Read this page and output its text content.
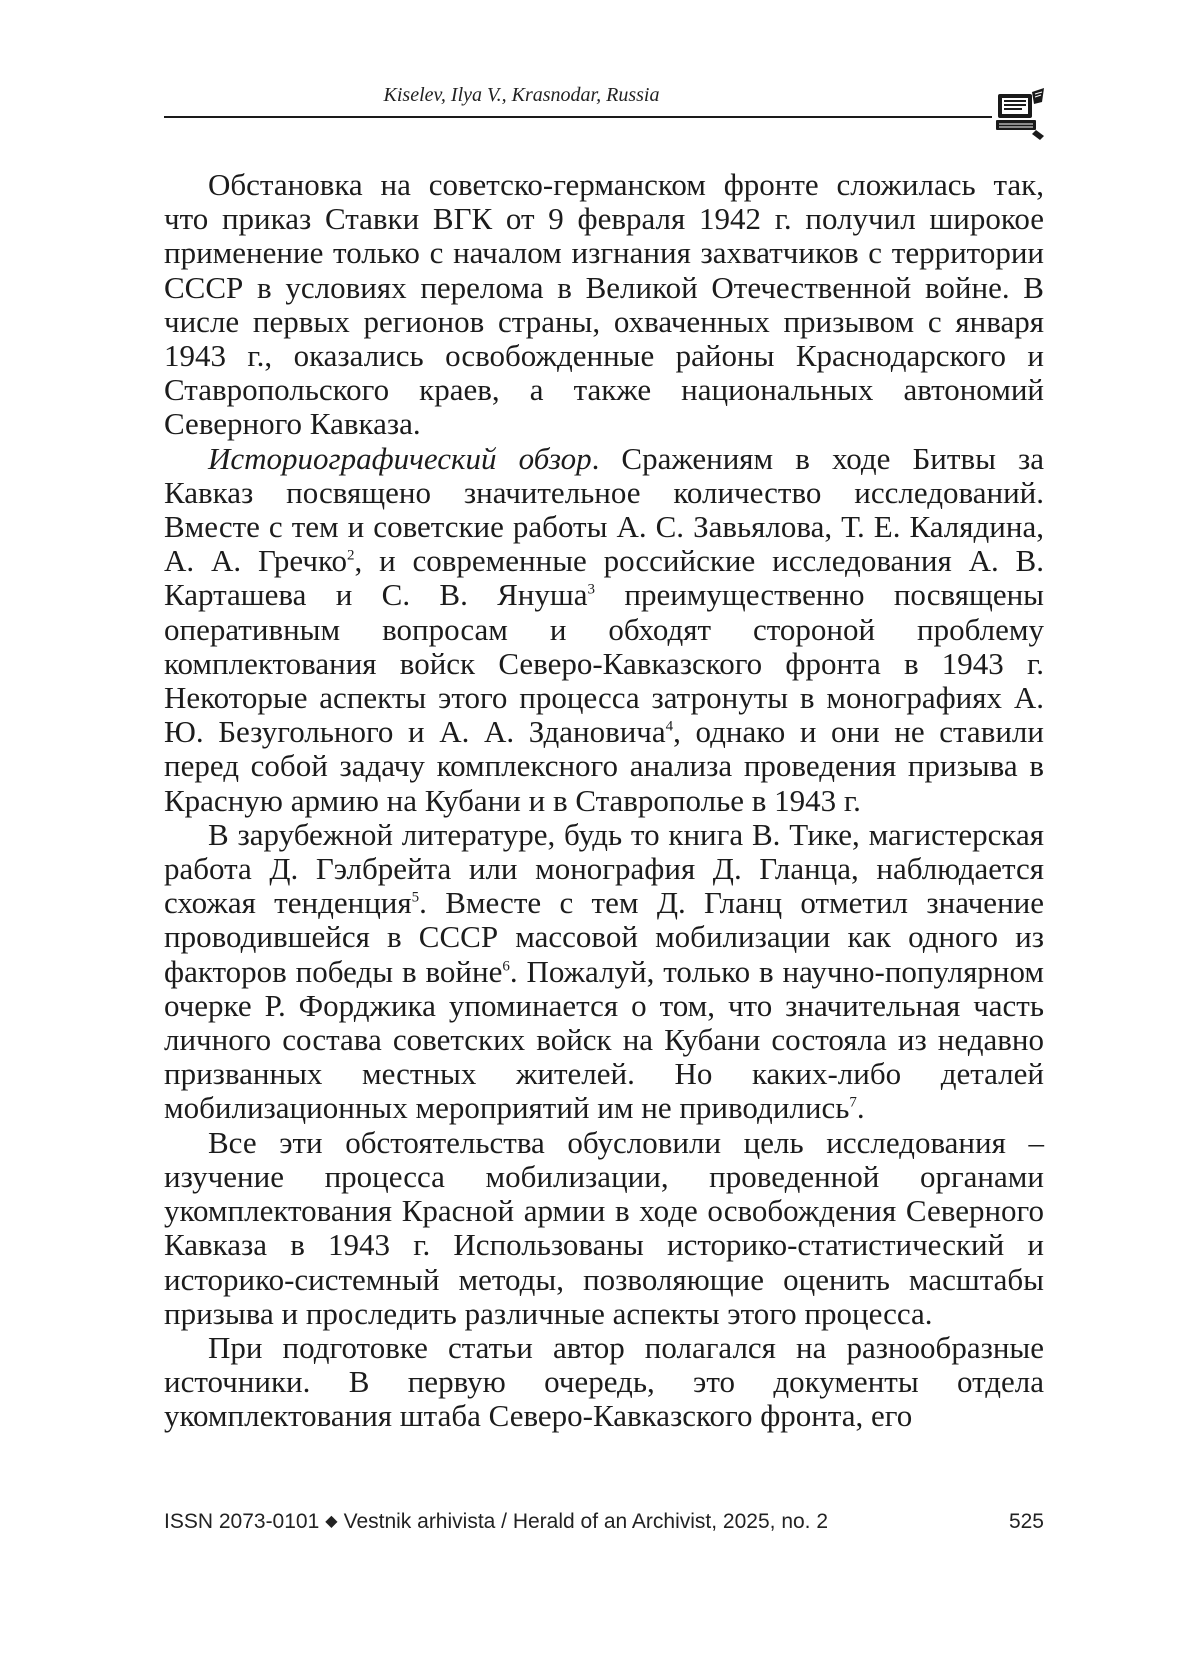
Kiselev, Ilya V., Krasnodar, Russia

Обстановка на советско-германском фронте сложилась так, что приказ Ставки ВГК от 9 февраля 1942 г. получил широкое применение только с началом изгнания захватчиков с территории СССР в условиях перелома в Великой Отечественной войне. В числе первых регионов страны, охваченных призывом с января 1943 г., оказались освобожденные районы Краснодарского и Ставропольского краев, а также национальных автономий Северного Кавказа.

Историографический обзор. Сражениям в ходе Битвы за Кавказ посвящено значительное количество исследований. Вместе с тем и советские работы А. С. Завьялова, Т. Е. Калядина, А. А. Гречко$^2$, и современные российские исследования А. В. Карташева и С. В. Януша$^3$ преимущественно посвящены оперативным вопросам и обходят стороной проблему комплектования войск Северо-Кавказского фронта в 1943 г. Некоторые аспекты этого процесса затронуты в монографиях А. Ю. Безугольного и А. А. Здановича$^4$, однако и они не ставили перед собой задачу комплексного анализа проведения призыва в Красную армию на Кубани и в Ставрополье в 1943 г.

В зарубежной литературе, будь то книга В. Тике, магистерская работа Д. Гэлбрейта или монография Д. Гланца, наблюдается схожая тенденция$^5$. Вместе с тем Д. Гланц отметил значение проводившейся в СССР массовой мобилизации как одного из факторов победы в войне$^6$. Пожалуй, только в научно-популярном очерке Р. Форджика упоминается о том, что значительная часть личного состава советских войск на Кубани состояла из недавно призванных местных жителей. Но каких-либо деталей мобилизационных мероприятий им не приводились$^7$.

Все эти обстоятельства обусловили цель исследования – изучение процесса мобилизации, проведенной органами укомплектования Красной армии в ходе освобождения Северного Кавказа в 1943 г. Использованы историко-статистический и историко-системный методы, позволяющие оценить масштабы призыва и проследить различные аспекты этого процесса.

При подготовке статьи автор полагался на разнообразные источники. В первую очередь, это документы отдела укомплектования штаба Северо-Кавказского фронта, его

ISSN 2073-0101 ◆ Vestnik arhivista / Herald of an Archivist, 2025, no. 2	525
